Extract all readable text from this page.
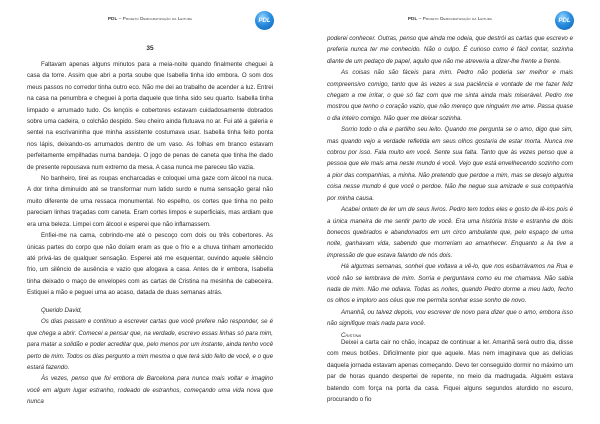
PDL – Projeto Democratização da Leitura	PDL
35

Faltavam apenas alguns minutos para a meia-noite quando finalmente cheguei à casa da torre. Assim que abri a porta soube que Isabella tinha ido embora. O som dos meus passos no corredor tinha outro eco. Não me dei ao trabalho de acender a luz. Entrei na casa na penumbra e cheguei à porta daquele que tinha sido seu quarto. Isabella tinha limpado e arrumado tudo. Os lençóis e cobertores estavam cuidadosamente dobrados sobre uma cadeira, o colchão despido. Seu cheiro ainda flutuava no ar. Fui até a galeria e sentei na escrivaninha que minha assistente costumava usar. Isabella tinha feito ponta nos lápis, deixando-os arrumados dentro de um vaso. As folhas em branco estavam perfeitamente empilhadas numa bandeja. O jogo de penas de caneta que tinha lhe dado de presente repousava num extremo da mesa. A casa nunca me pareceu tão vazia.

No banheiro, tirei as roupas encharcadas e coloquei uma gaze com álcool na nuca. A dor tinha diminuído até se transformar num latido surdo e numa sensação geral não muito diferente de uma ressaca monumental. No espelho, os cortes que tinha no peito pareciam linhas traçadas com caneta. Eram cortes limpos e superficiais, mas ardiam que era uma beleza. Limpei com álcool e esperei que não inflamassem.

Enfiei-me na cama, cobrindo-me até o pescoço com dois ou três cobertores. As únicas partes do corpo que não doíam eram as que o frio e a chuva tinham amortecido até privá-las de qualquer sensação. Esperei até me esquentar, ouvindo aquele silêncio frio, um silêncio de ausência e vazio que afogava a casa. Antes de ir embora, Isabella tinha deixado o maço de envelopes com as cartas de Cristina na mesinha de cabeceira. Estiquei a mão e peguei uma ao acaso, datada de duas semanas atrás.

Querido David,

Os dias passam e continuo a escrever cartas que você prefere não responder, se é que chega a abrir. Comecei a pensar que, na verdade, escrevo essas linhas só para mim, para matar a solidão e poder acreditar que, pelo menos por um instante, ainda tenho você perto de mim. Todos os dias pergunto a mim mesma o que terá sido feito de você, e o que estará fazendo.

Às vezes, penso que foi embora de Barcelona para nunca mais voltar e imagino você em algum lugar estranho, rodeado de estranhos, começando uma vida nova que nunca

PDL – Projeto Democratização da Leitura	PDL

poderei conhecer. Outras, penso que ainda me odeia, que destrói as cartas que escrevo e preferia nunca ter me conhecido. Não o culpo. É curioso como é fácil contar, sozinha diante de um pedaço de papel, aquilo que não me atreveria a dizer-lhe frente a frente.

As coisas não são fáceis para mim. Pedro não poderia ser melhor e mais compreensivo comigo, tanto que às vezes a sua paciência e vontade de me fazer feliz chegam a me irritar, o que só faz com que me sinta ainda mais miserável. Pedro me mostrou que tenho o coração vazio, que não mereço que ninguém me ame. Passa quase o dia inteiro comigo. Não quer me deixar sozinha.

Sorrio todo o dia e partilho seu leito. Quando me pergunta se o amo, digo que sim, mas quando vejo a verdade refletida em seus olhos gostaria de estar morta. Nunca me cobrou por isso. Fala muito em você. Sente sua falta. Tanto que às vezes penso que a pessoa que ele mais ama neste mundo é você. Vejo que está envelhecendo sozinho com a pior das companhias, a minha. Não pretendo que perdoe a mim, mas se desejo alguma coisa nesse mundo é que você o perdoe. Não lhe negue sua amizade e sua companhia por minha causa.

Acabei ontem de ler um de seus livros. Pedro tem todos eles e gosto de lê-los pois é a única maneira de me sentir perto de você. Era uma história triste e estranha de dois bonecos quebrados e abandonados em um circo ambulante que, pelo espaço de uma noite, ganhavam vida, sabendo que morreriam ao amanhecer. Enquanto a lia tive a impressão de que estava falando de nós dois.

Há algumas semanas, sonhei que voltava a vê-lo, que nos esbarrávamos na Rua e você não se lembrava de mim. Sorria e perguntava como eu me chamava. Não sabia nada de mim. Não me odiava. Todas as noites, quando Pedro dorme a meu lado, fecho os olhos e imploro aos céus que me permita sonhar esse sonho de novo.

Amanhã, ou talvez depois, vou escrever de novo para dizer que o amo, embora isso não signifique mais nada para você.

Cristina

Deixei a carta cair no chão, incapaz de continuar a ler. Amanhã será outro dia, disse com meus botões. Dificilmente pior que aquele. Mas nem imaginava que as delícias daquela jornada estavam apenas começando. Devo ter conseguido dormir no máximo um par de horas quando despertei de repente, no meio da madrugada. Alguém estava batendo com força na porta da casa. Fiquei alguns segundos aturdido no escuro, procurando o fio
